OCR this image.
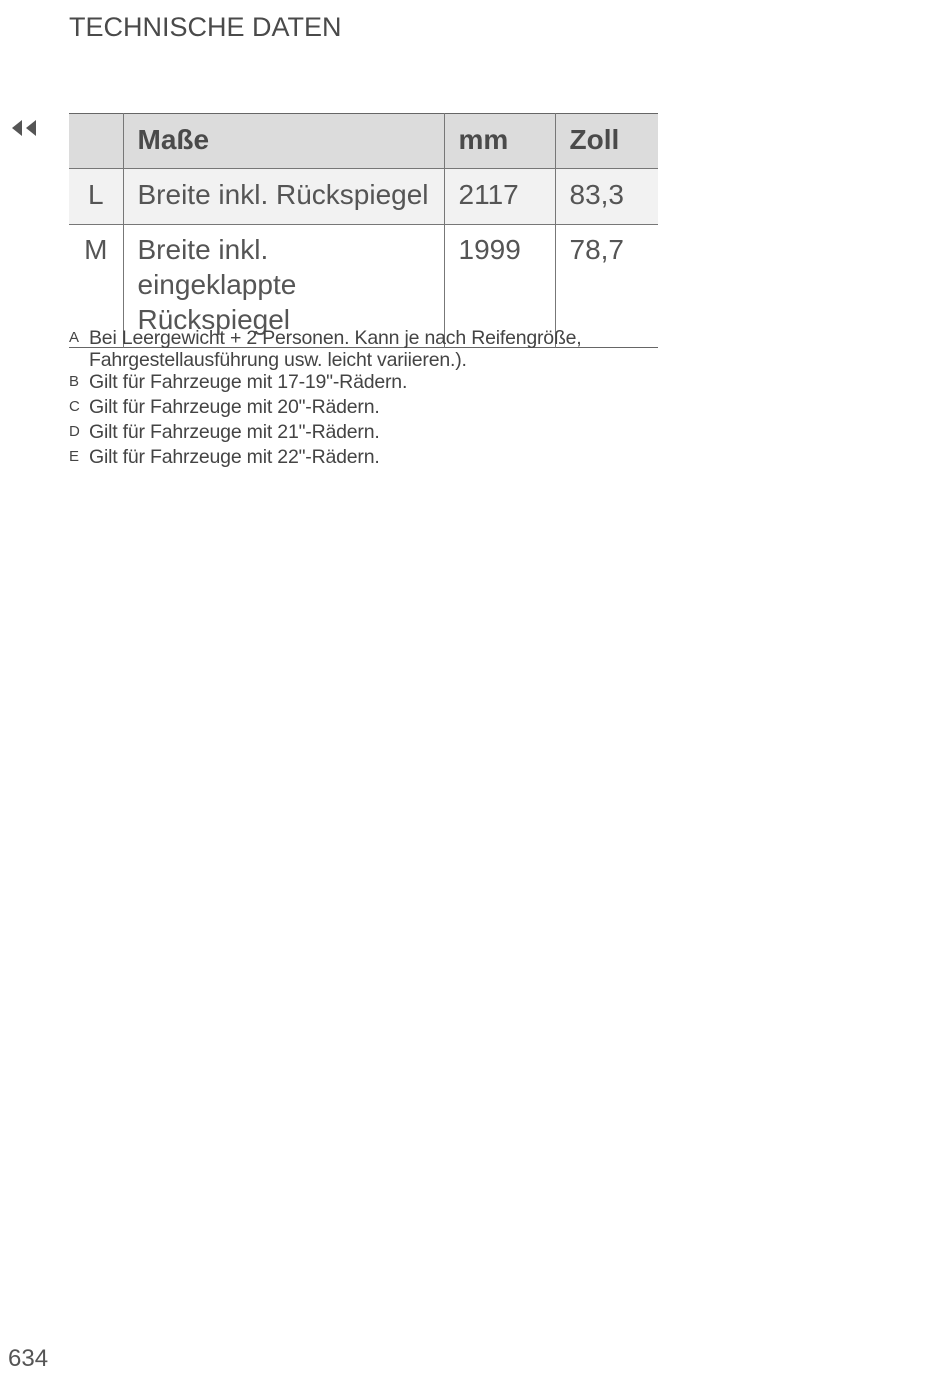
TECHNISCHE DATEN
	Maße	mm	Zoll
L	Breite inkl. Rückspiegel	2117	83,3
M	Breite inkl. eingeklappte Rückspiegel	1999	78,7
A Bei Leergewicht + 2 Personen. Kann je nach Reifengröße, Fahrgestellausführung usw. leicht variieren.).
B Gilt für Fahrzeuge mit 17-19"-Rädern.
C Gilt für Fahrzeuge mit 20"-Rädern.
D Gilt für Fahrzeuge mit 21"-Rädern.
E Gilt für Fahrzeuge mit 22"-Rädern.
634
